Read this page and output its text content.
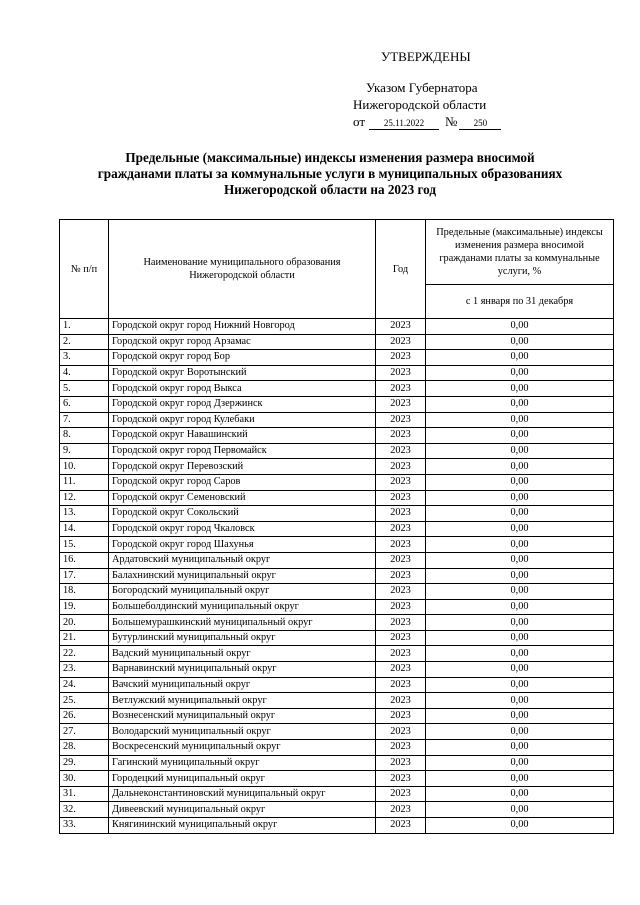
УТВЕРЖДЕНЫ
Указом Губернатора
Нижегородской области
от	25.11.2022	№	250
Предельные (максимальные) индексы изменения размера вносимой гражданами платы за коммунальные услуги в муниципальных образованиях Нижегородской области на 2023 год
№ п/п	Наименование муниципального образования Нижегородской области	Год	Предельные (максимальные) индексы изменения размера вносимой гражданами платы за коммунальные услуги, %
			с 1 января по 31 декабря
1.	Городской округ город Нижний Новгород	2023	0,00
2.	Городской округ город Арзамас	2023	0,00
3.	Городской округ город Бор	2023	0,00
4.	Городской округ Воротынский	2023	0,00
5.	Городской округ город Выкса	2023	0,00
6.	Городской округ город Дзержинск	2023	0,00
7.	Городской округ город Кулебаки	2023	0,00
8.	Городской округ Навашинский	2023	0,00
9.	Городской округ город Первомайск	2023	0,00
10.	Городской округ Перевозский	2023	0,00
11.	Городской округ город Саров	2023	0,00
12.	Городской округ Семеновский	2023	0,00
13.	Городской округ Сокольский	2023	0,00
14.	Городской округ город Чкаловск	2023	0,00
15.	Городской округ город Шахунья	2023	0,00
16.	Ардатовский муниципальный округ	2023	0,00
17.	Балахнинский муниципальный округ	2023	0,00
18.	Богородский муниципальный округ	2023	0,00
19.	Большеболдинский муниципальный округ	2023	0,00
20.	Большемурашкинский муниципальный округ	2023	0,00
21.	Бутурлинский муниципальный округ	2023	0,00
22.	Вадский муниципальный округ	2023	0,00
23.	Варнавинский муниципальный округ	2023	0,00
24.	Вачский муниципальный округ	2023	0,00
25.	Ветлужский муниципальный округ	2023	0,00
26.	Вознесенский муниципальный округ	2023	0,00
27.	Володарский муниципальный округ	2023	0,00
28.	Воскресенский муниципальный округ	2023	0,00
29.	Гагинский муниципальный округ	2023	0,00
30.	Городецкий муниципальный округ	2023	0,00
31.	Дальнеконстантиновский муниципальный округ	2023	0,00
32.	Дивеевский муниципальный округ	2023	0,00
33.	Княгининский муниципальный округ	2023	0,00
